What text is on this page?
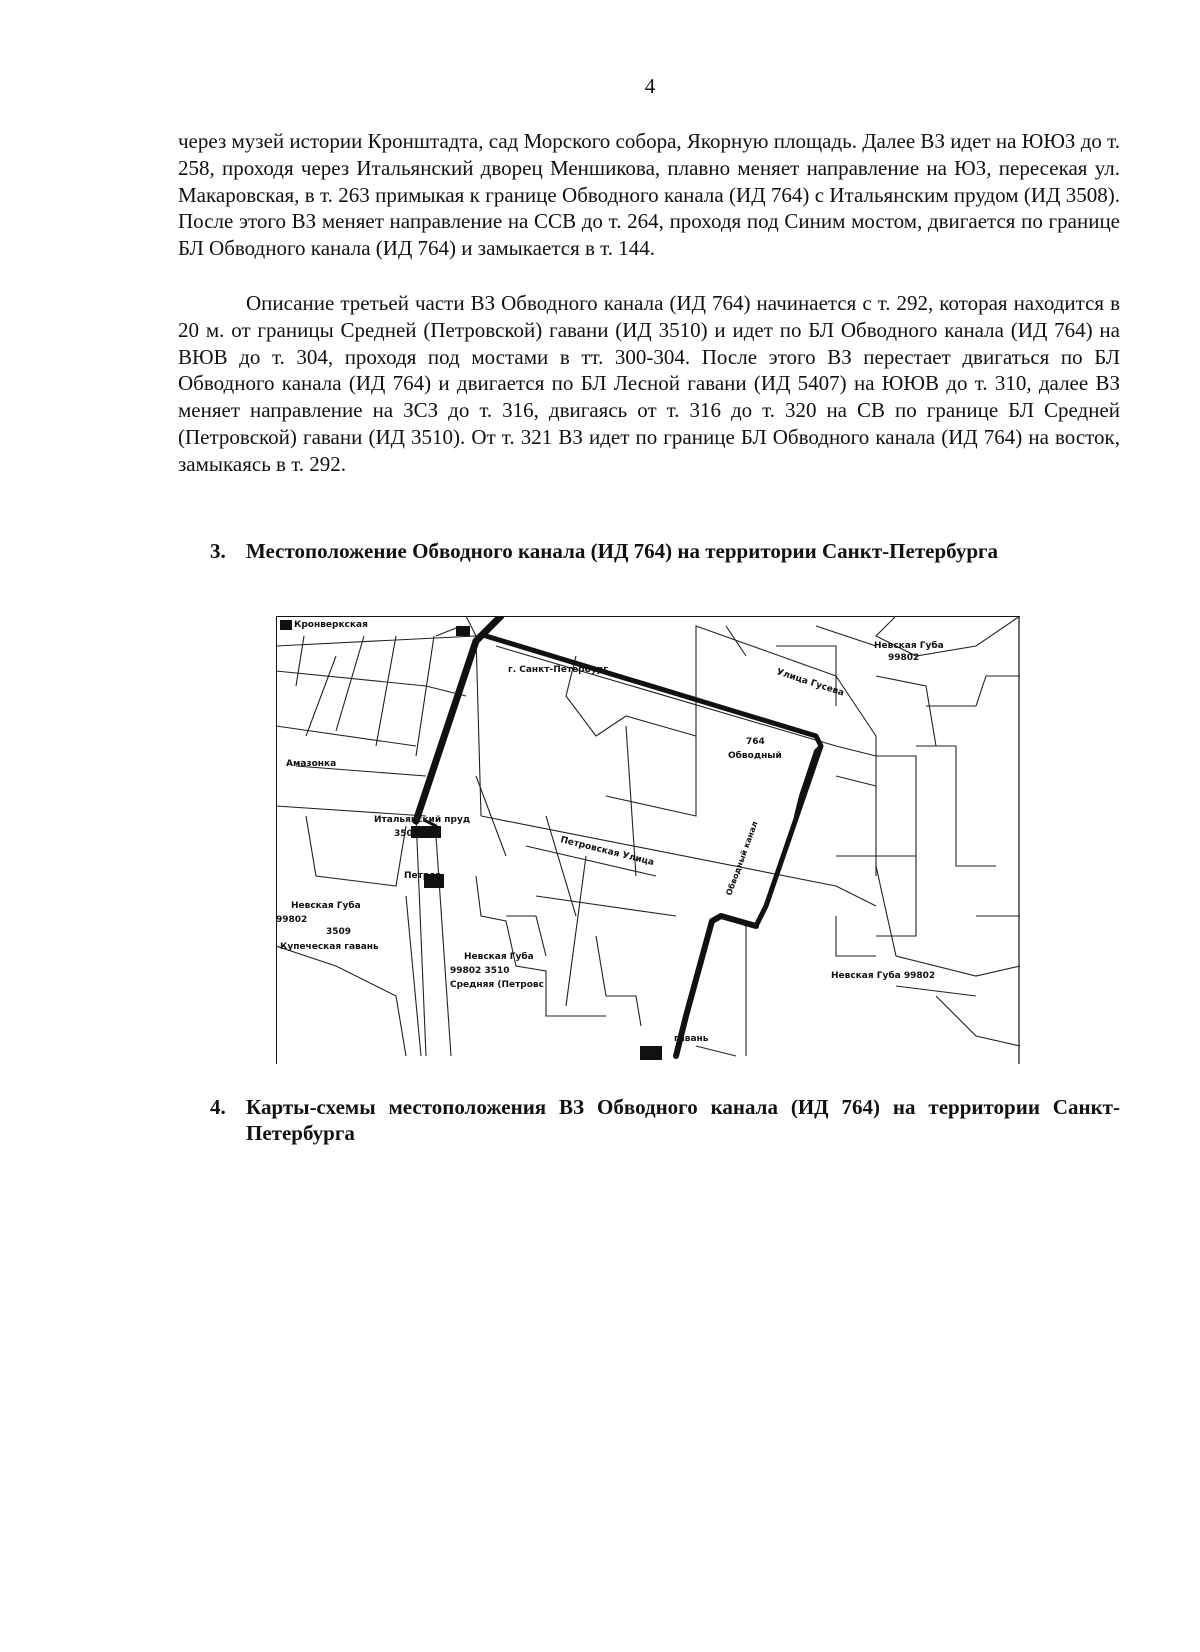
4

через музей истории Кронштадта, сад Морского собора, Якорную площадь. Далее ВЗ идет на ЮЮЗ до т. 258, проходя через Итальянский дворец Меншикова, плавно меняет направление на ЮЗ, пересекая ул. Макаровская, в т. 263 примыкая к границе Обводного канала (ИД 764) с Итальянским прудом (ИД 3508). После этого ВЗ меняет направление на ССВ до т. 264, проходя под Синим мостом, двигается по границе БЛ Обводного канала (ИД 764) и замыкается в т. 144.

Описание третьей части ВЗ Обводного канала (ИД 764) начинается с т. 292, которая находится в 20 м. от границы Средней (Петровской) гавани (ИД 3510) и идет по БЛ Обводного канала (ИД 764) на ВЮВ до т. 304, проходя под мостами в тт. 300-304. После этого ВЗ перестает двигаться по БЛ Обводного канала (ИД 764) и двигается по БЛ Лесной гавани (ИД 5407) на ЮЮВ до т. 310, далее ВЗ меняет направление на ЗСЗ до т. 316, двигаясь от т. 316 до т. 320 на СВ по границе БЛ Средней (Петровской) гавани (ИД 3510). От т. 321 ВЗ идет по границе БЛ Обводного канала (ИД 764) на восток, замыкаясь в т. 292.

3. Местоположение Обводного канала (ИД 764) на территории Санкт-Петербурга
Кронверкская
г. Санкт-Петербург
Невская Губа
99802
764
Обводный
Амазонка
Итальянский пруд
3508
Невская Губа
99802
3509
Купеческая гавань
Петров
Невская Губа
99802 3510
Средняя (Петровс
Невская Губа 99802
гавань
Петровская Улица
Улица Гусева
Обводный канал
4. Карты-схемы местоположения ВЗ Обводного канала (ИД 764) на территории Санкт-Петербурга
